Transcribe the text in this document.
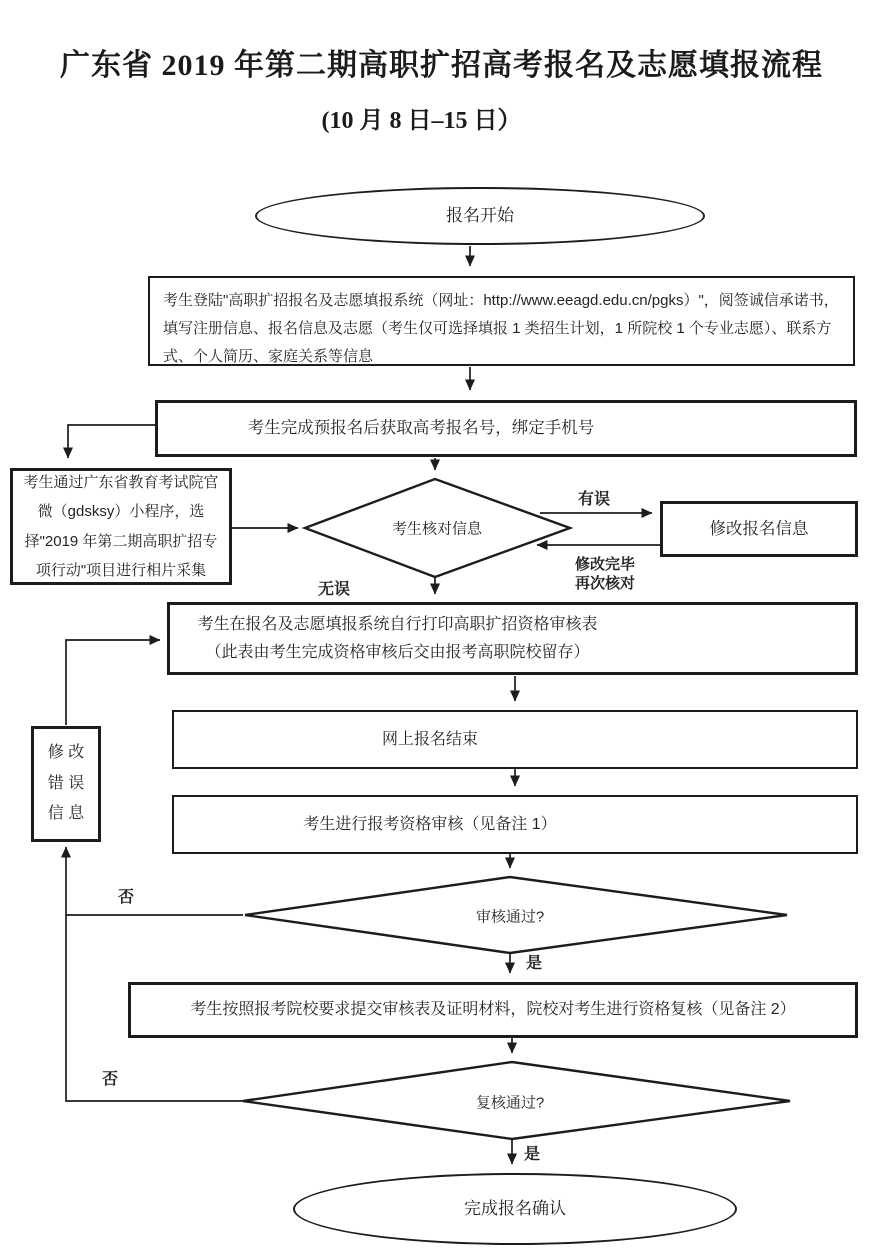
广东省 2019 年第二期高职扩招高考报名及志愿填报流程
(10 月 8 日–15 日）
报名开始
考生登陆"高职扩招报名及志愿填报系统（网址：http://www.eeagd.edu.cn/pgks）"，阅签诚信承诺书，填写注册信息、报名信息及志愿（考生仅可选择填报 1 类招生计划，1 所院校 1 个专业志愿）、联系方式、个人简历、家庭关系等信息
考生完成预报名后获取高考报名号，绑定手机号
考生通过广东省教育考试院官微（gdsksy）小程序，选择"2019 年第二期高职扩招专项行动"项目进行相片采集
考生核对信息	修改报名信息
考生在报名及志愿填报系统自行打印高职扩招资格审核表
（此表由考生完成资格审核后交由报考高职院校留存）
修 改
错 误
信 息
网上报名结束
考生进行报考资格审核（见备注 1）
审核通过?
考生按照报考院校要求提交审核表及证明材料，院校对考生进行资格复核（见备注 2）
复核通过?
完成报名确认
有误
修改完毕
再次核对
无误
否
是
否
是
